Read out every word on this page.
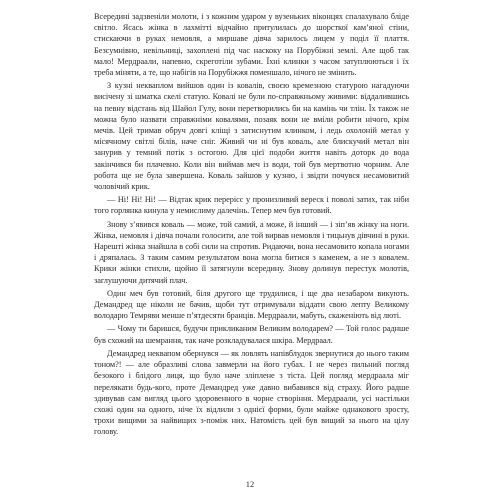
Всередині задзвеніли молоти, і з кожним ударом у вузеньких віконцях спалахувало бліде світло. Ясась жінка в лахмітті відчайно притулилась до шорсткої кам’яної стіни, стискаючи в руках немовля, а миршаве дівча зарилось лицем у поділ її плаття. Безсумнівно, невільниці, захоплені під час наскоку на Порубіжні землі. Але щоб так мало! Мердраали, напевно, скреготіли зубами. Їхні клинки з часом затуплюються і їх треба міняти, а те, що набігів на Порубіжжя поменшало, нічого не змінить.

З кузні некваплом вийшов один із ковалів, своєю кремезною статурою нагадуючи висічену зі шматка скелі статую. Ковалі не були по-справжньому живими: віддалившись на певну відстань від Шайол Гулу, вони перетворились би на камінь чи тлін. Їх також не можна було назвати справжніми ковалями, позаяк вони не вміли робити нічого, крім мечів. Цей тримав обруч довгі кліщі з затиснутим клинком, і ледь охолоній метал у місячному світлі білів, наче сніг. Живий чи ні був коваль, але блискучий метал він занурив у темний потік з остогою. Для цієї подоби життя навіть доторк до вода закінчився би плачевно. Коли він виймав меч із води, той був мертвотно чорним. Але робота ще не була завершена. Коваль зайшов у кузню, і звідти почувся несамовитий чоловічий крик.

— Ні! Ні! Ні! — Відтак крик перерісс у пронизливий вереск і поволі затих, так ніби того горлянка кинула у немислиму далечінь. Тепер меч був готовий.

Знову з’явився коваль — може, той самий, а може, й інший — і зіп’яв жінку на ноги. Жінка, немовля і дівча почали голосити, але той вирвав немовля і тицьнув дівчині в руки. Нарешті жінка знайшла в собі сили на спротив. Ридаючи, вона несамовито копала ногами і дряпалась. З таким самим результатом вона могла битися з каменем, а не з ковалем. Крики жінки стихли, щойно її затягнули всередину. Знову долинув перестук молотів, заглушуючи дитячий плач.

Один меч був готовий, біля другого ще трудилися, і ще два незабаром викують. Демандред ще ніколи не бачив, щоби тут отримували віддати свою лепту Великому володарю Темряви менше п’ятдесяти бранців. Мердраали, мабуть, скаженіють від люті.

— Чому ти баришся, будучи прикликаним Великим володарем? — Той голос раднше був схожий на шемрання, так наче розкладувалася шкіра. Мердраал.

Демандред неквапом обернувся — як ловлять напівблудок звернутися до нього таким тоном?! — але образливі слова завмерли на його губах. І не через пильний погляд безокого і блідого лиця, що було наче зліплене з тіста. Цей погляд мердраала міг перелякати будь-кого, проте Демандред уже давно вибавився від страху. Його радше здивував сам вигляд цього здоровенного в чорне створіння. Мердраали, усі настільки схожі один на одного, ніче їх відлили з однієї форми, були майже однакового зросту, трохи вищими за найвищих з-поміж них. Натомість цей був вищий за нього на цілу голову.

12
